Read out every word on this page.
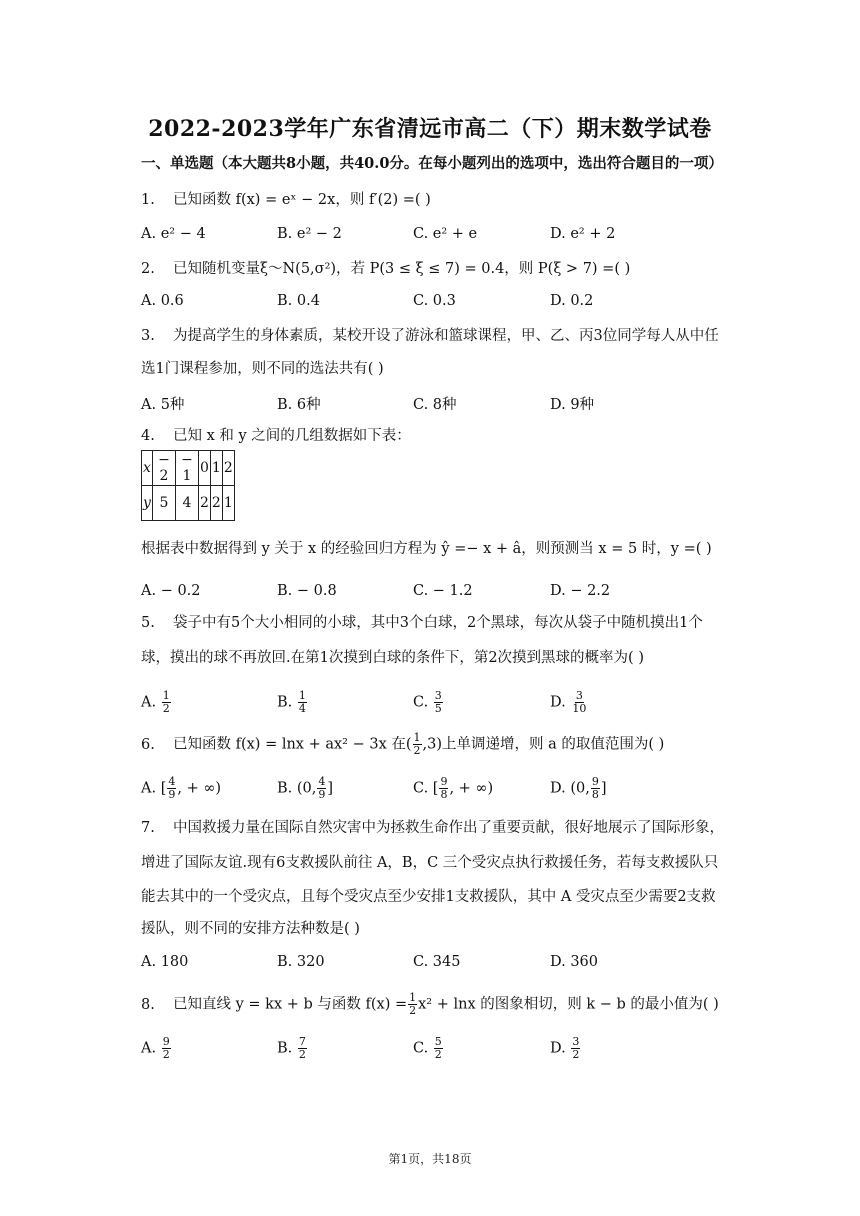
2022-2023学年广东省清远市高二（下）期末数学试卷
一、单选题（本大题共8小题，共40.0分。在每小题列出的选项中，选出符合题目的一项）
1. 已知函数 f(x) = eˣ − 2x，则 f′(2) =( )
A. e² − 4	B. e² − 2	C. e² + e	D. e² + 2
2. 已知随机变量ξ～N(5,σ²)，若 P(3 ≤ ξ ≤ 7) = 0.4，则 P(ξ > 7) =( )
A. 0.6	B. 0.4	C. 0.3	D. 0.2
3. 为提高学生的身体素质，某校开设了游泳和篮球课程，甲、乙、丙3位同学每人从中任
选1门课程参加，则不同的选法共有( )
A. 5种	B. 6种	C. 8种	D. 9种
4. 已知 x 和 y 之间的几组数据如下表：
x	− 2	− 1	0	1	2
y	5	4	2	2	1
根据表中数据得到 y 关于 x 的经验回归方程为 ŷ =− x + â，则预测当 x = 5 时，y =( )
A. − 0.2	B. − 0.8	C. − 1.2	D. − 2.2
5. 袋子中有5个大小相同的小球，其中3个白球，2个黑球，每次从袋子中随机摸出1个
球，摸出的球不再放回.在第1次摸到白球的条件下，第2次摸到黑球的概率为( )
A. $\frac{1}{2}$	B. $\frac{1}{4}$	C. $\frac{3}{5}$	D. $\frac{3}{10}$
6. 已知函数 f(x) = lnx + ax² − 3x 在( $\frac{1}{2} ,3$)上单调递增，则 a 的取值范围为( )
A. [ $\frac{4}{9}$ , + ∞)	B. (0, $\frac{4}{9}$ ]	C. [ $\frac{9}{8}$ , + ∞)	D. (0, $\frac{9}{8}$ ]
7. 中国救援力量在国际自然灾害中为拯救生命作出了重要贡献，很好地展示了国际形象，
增进了国际友谊.现有6支救援队前往 A，B，C 三个受灾点执行救援任务，若每支救援队只
能去其中的一个受灾点，且每个受灾点至少安排1支救援队，其中 A 受灾点至少需要2支救
援队，则不同的安排方法种数是( )
A. 180	B. 320	C. 345	D. 360
8. 已知直线 y = kx + b 与函数 $f(x) = \frac{1}{2} x^2 + \ln x$ 的图象相切，则 k − b 的最小值为( )
A. $\frac{9}{2}$	B. $\frac{7}{2}$	C. $\frac{5}{2}$	D. $\frac{3}{2}$
第1页，共18页
